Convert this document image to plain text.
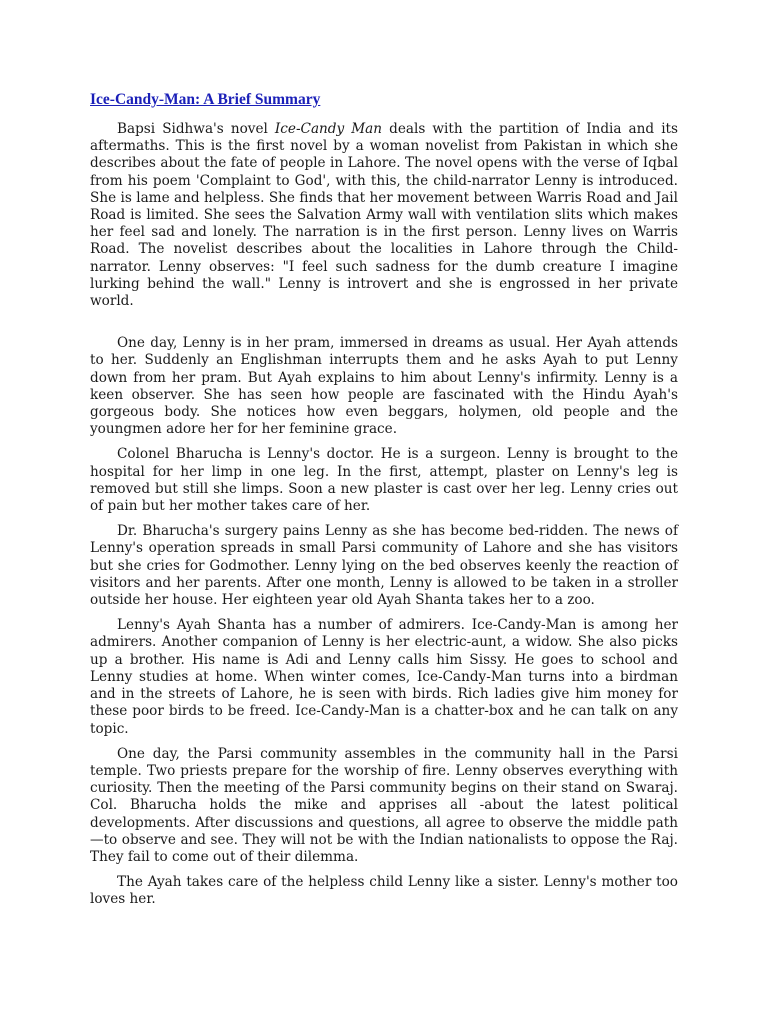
Ice-Candy-Man: A Brief Summary

Bapsi Sidhwa's novel Ice-Candy Man deals with the partition of India and its aftermaths. This is the first novel by a woman novelist from Pakistan in which she describes about the fate of people in Lahore. The novel opens with the verse of Iqbal from his poem 'Complaint to God', with this, the child-narrator Lenny is introduced. She is lame and helpless. She finds that her movement between Warris Road and Jail Road is limited. She sees the Salvation Army wall with ventilation slits which makes her feel sad and lonely. The narration is in the first person. Lenny lives on Warris Road. The novelist describes about the localities in Lahore through the Child-narrator. Lenny observes: "I feel such sadness for the dumb creature I imagine lurking behind the wall." Lenny is introvert and she is engrossed in her private world.

One day, Lenny is in her pram, immersed in dreams as usual. Her Ayah attends to her. Suddenly an Englishman interrupts them and he asks Ayah to put Lenny down from her pram. But Ayah explains to him about Lenny's infirmity. Lenny is a keen observer. She has seen how people are fascinated with the Hindu Ayah's gorgeous body. She notices how even beggars, holymen, old people and the youngmen adore her for her feminine grace.

Colonel Bharucha is Lenny's doctor. He is a surgeon. Lenny is brought to the hospital for her limp in one leg. In the first, attempt, plaster on Lenny's leg is removed but still she limps. Soon a new plaster is cast over her leg. Lenny cries out of pain but her mother takes care of her.

Dr. Bharucha's surgery pains Lenny as she has become bed-ridden. The news of Lenny's operation spreads in small Parsi community of Lahore and she has visitors but she cries for Godmother. Lenny lying on the bed observes keenly the reaction of visitors and her parents. After one month, Lenny is allowed to be taken in a stroller outside her house. Her eighteen year old Ayah Shanta takes her to a zoo.

Lenny's Ayah Shanta has a number of admirers. Ice-Candy-Man is among her admirers. Another companion of Lenny is her electric-aunt, a widow. She also picks up a brother. His name is Adi and Lenny calls him Sissy. He goes to school and Lenny studies at home. When winter comes, Ice-Candy-Man turns into a birdman and in the streets of Lahore, he is seen with birds. Rich ladies give him money for these poor birds to be freed. Ice-Candy-Man is a chatter-box and he can talk on any topic.

One day, the Parsi community assembles in the community hall in the Parsi temple. Two priests prepare for the worship of fire. Lenny observes everything with curiosity. Then the meeting of the Parsi community begins on their stand on Swaraj. Col. Bharucha holds the mike and apprises all -about the latest political developments. After discussions and questions, all agree to observe the middle path—to observe and see. They will not be with the Indian nationalists to oppose the Raj. They fail to come out of their dilemma.

The Ayah takes care of the helpless child Lenny like a sister. Lenny's mother too loves her.
